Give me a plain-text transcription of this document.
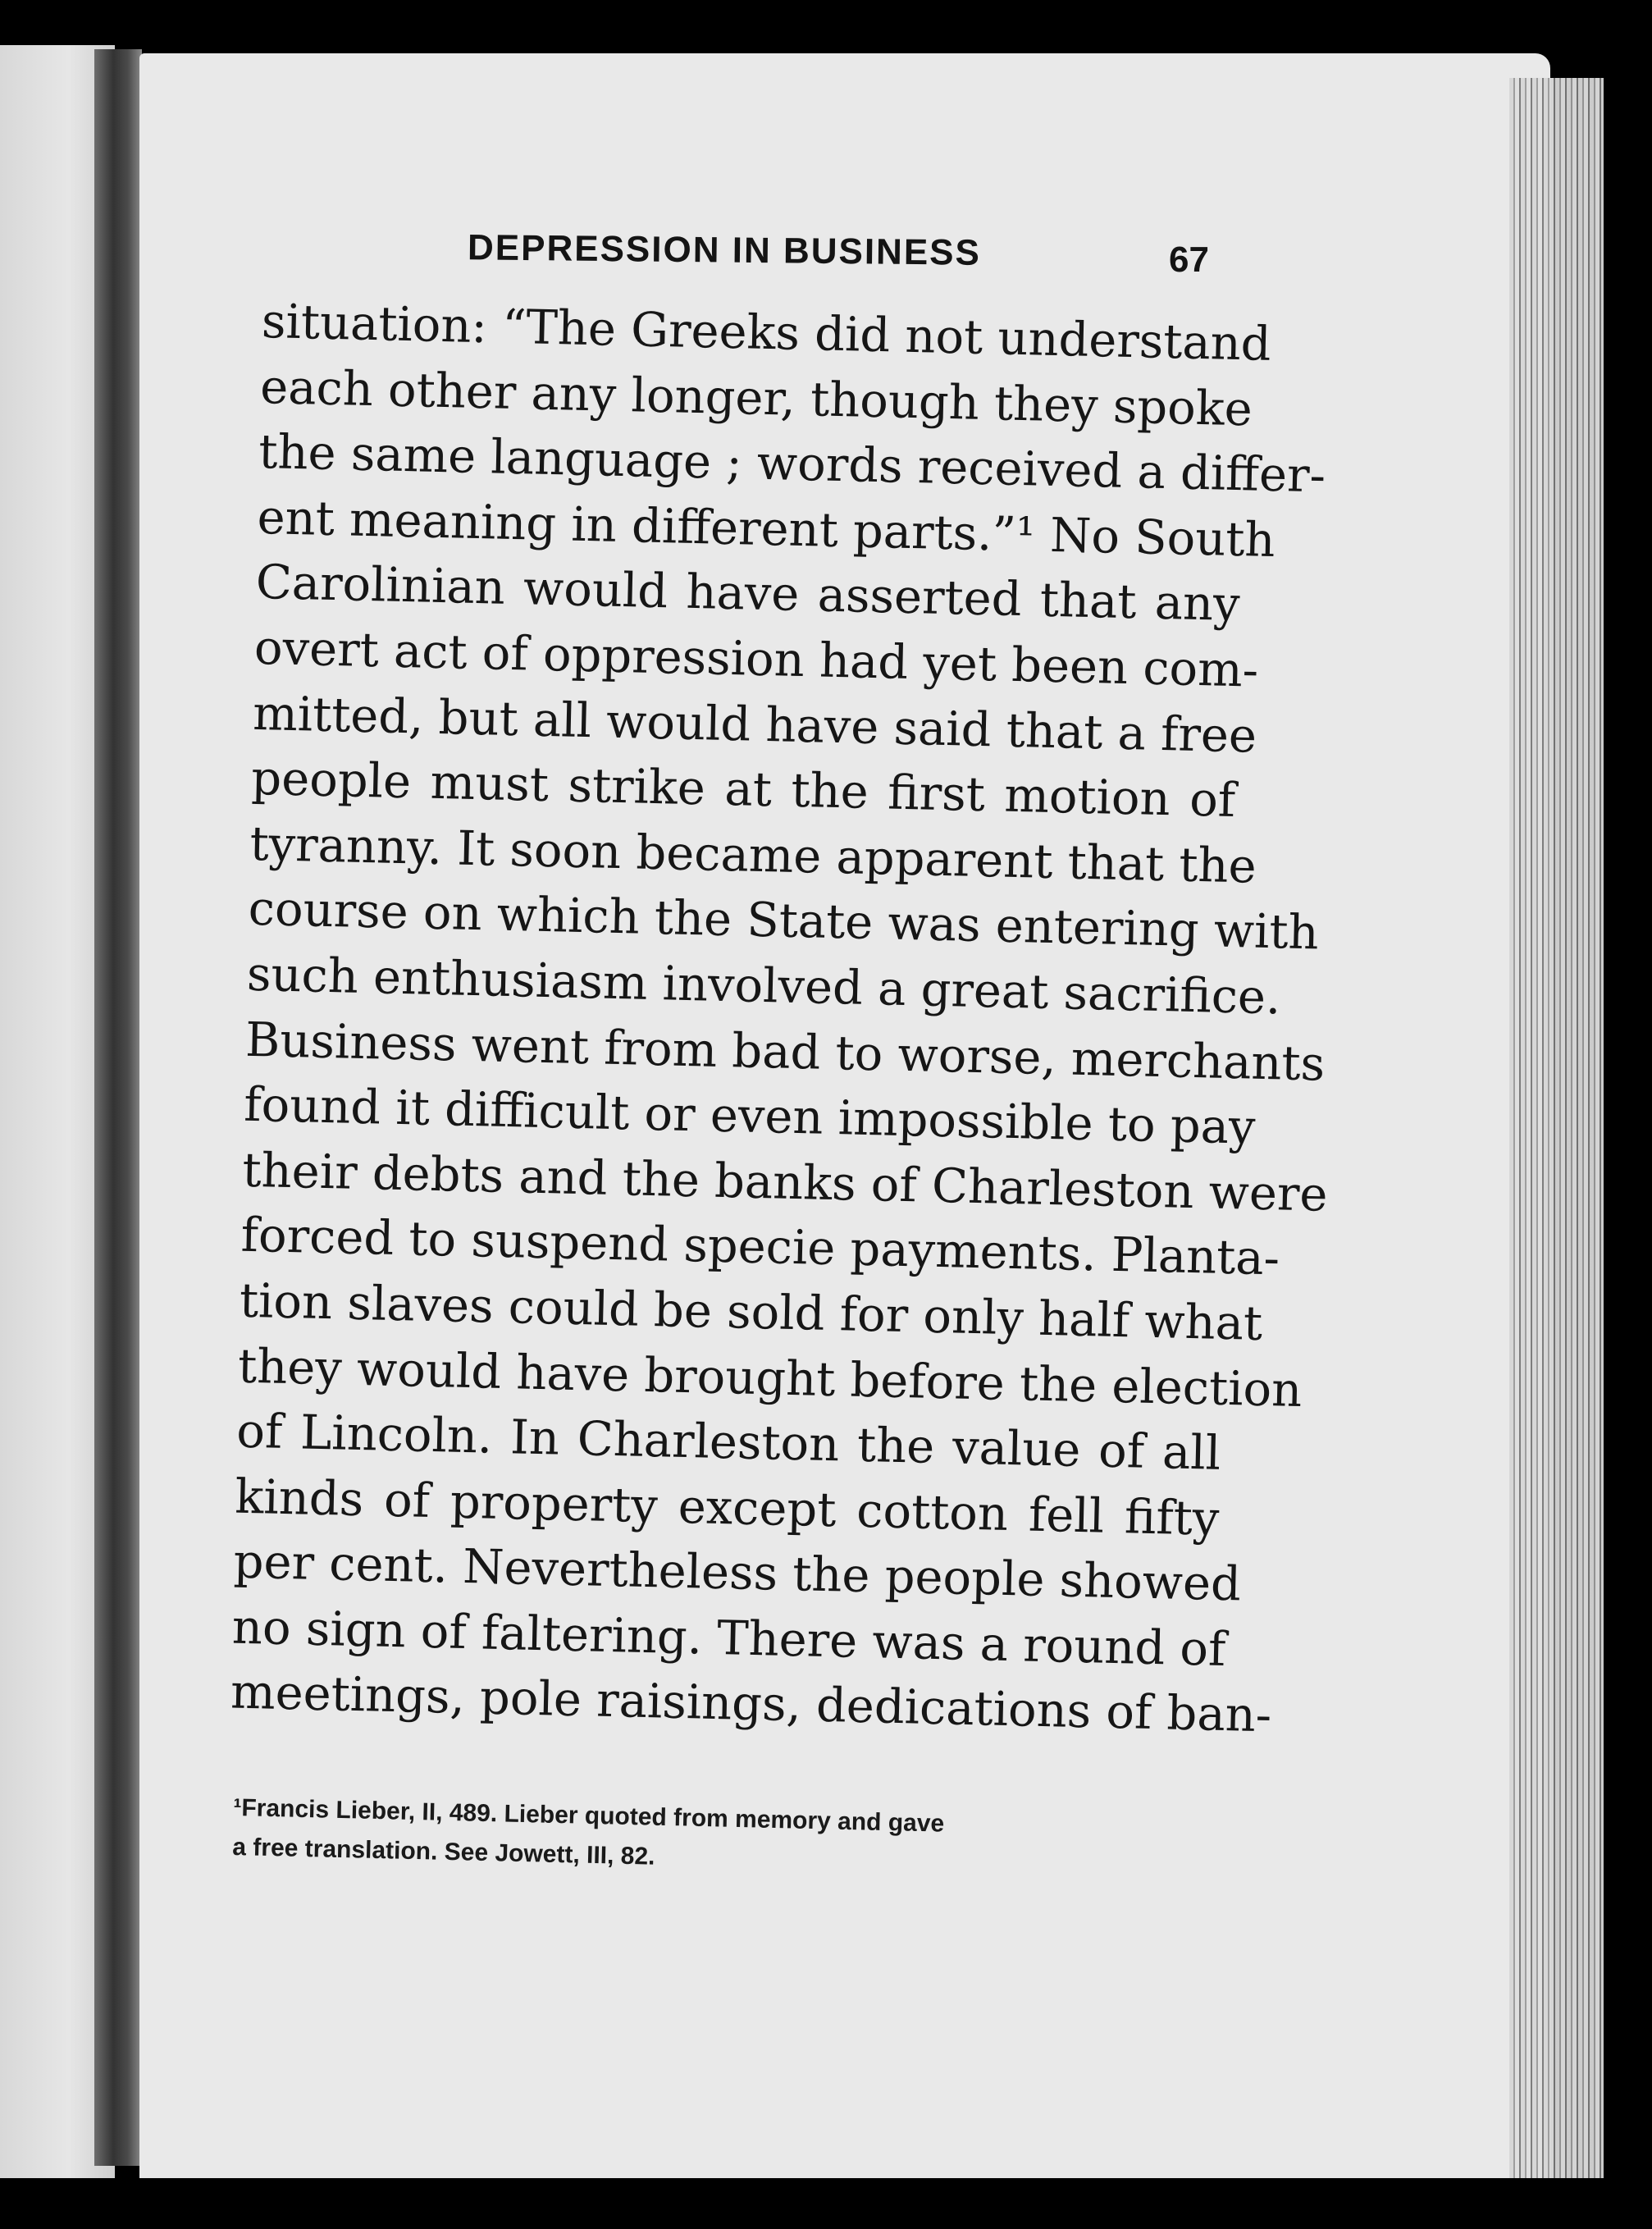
DEPRESSION IN BUSINESS	67
situation: “The Greeks did not understand
each other any longer, though they spoke
the same language ; words received a differ-
ent meaning in different parts.”¹ No South
Carolinian would have asserted that any
overt act of oppression had yet been com-
mitted, but all would have said that a free
people must strike at the first motion of
tyranny. It soon became apparent that the
course on which the State was entering with
such enthusiasm involved a great sacrifice.
Business went from bad to worse, merchants
found it difficult or even impossible to pay
their debts and the banks of Charleston were
forced to suspend specie payments. Planta-
tion slaves could be sold for only half what
they would have brought before the election
of Lincoln. In Charleston the value of all
kinds of property except cotton fell fifty
per cent. Nevertheless the people showed
no sign of faltering. There was a round of
meetings, pole raisings, dedications of ban-
¹Francis Lieber, II, 489. Lieber quoted from memory and gave
a free translation. See Jowett, III, 82.
